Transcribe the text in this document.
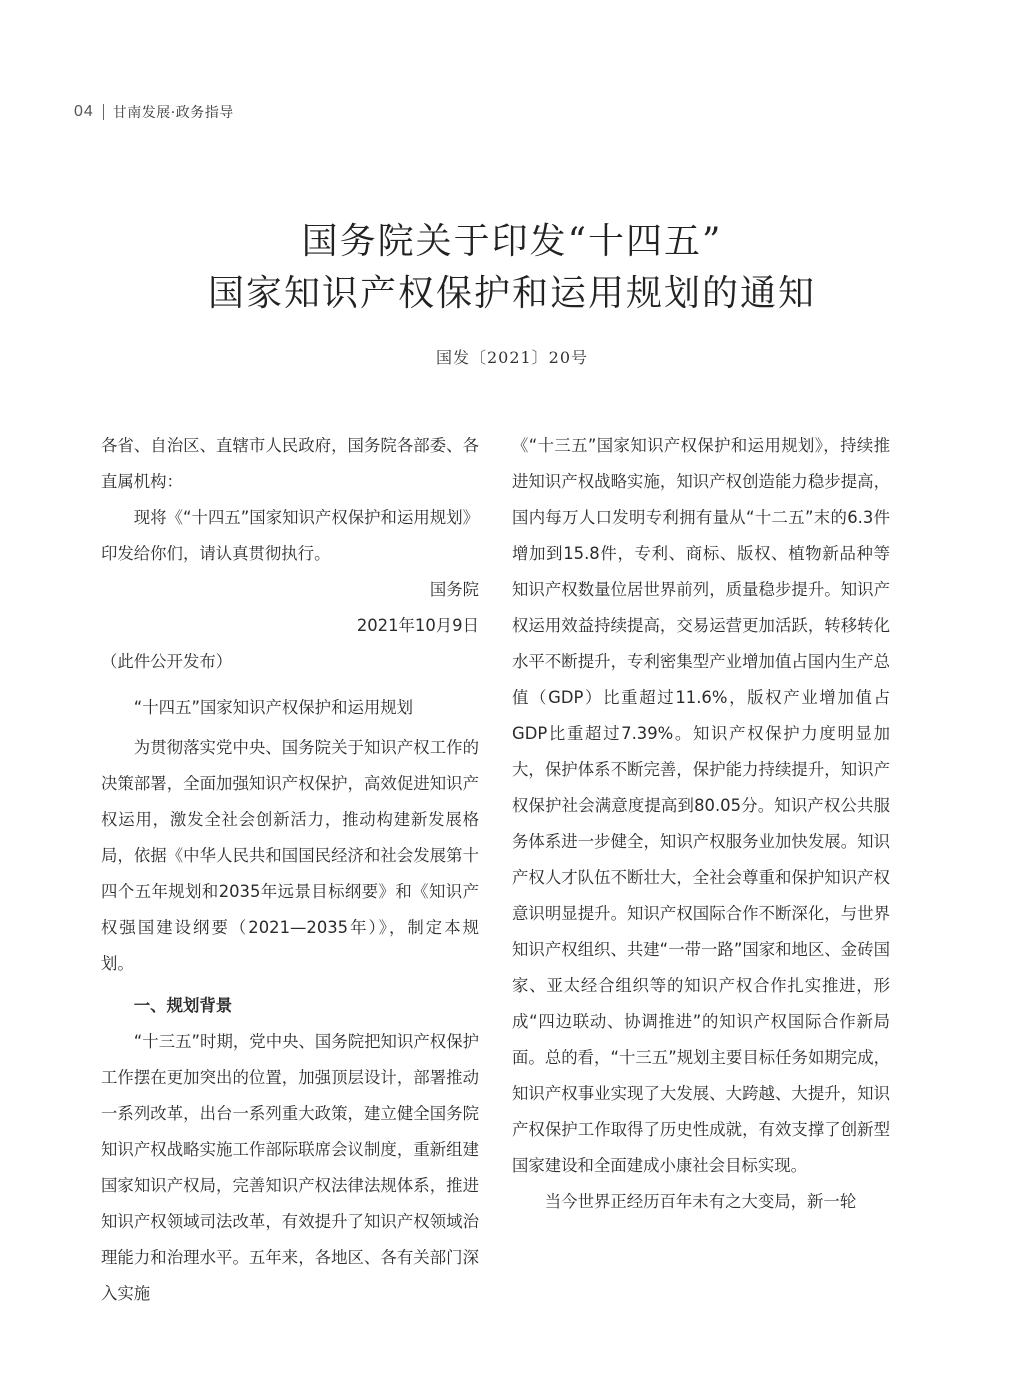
04 甘南发展·政务指导
国务院关于印发“十四五”
国家知识产权保护和运用规划的通知
国发〔2021〕20号

各省、自治区、直辖市人民政府，国务院各部委、各直属机构：

现将《“十四五”国家知识产权保护和运用规划》印发给你们，请认真贯彻执行。

国务院

2021年10月9日

（此件公开发布）

“十四五”国家知识产权保护和运用规划

为贯彻落实党中央、国务院关于知识产权工作的决策部署，全面加强知识产权保护，高效促进知识产权运用，激发全社会创新活力，推动构建新发展格局，依据《中华人民共和国国民经济和社会发展第十四个五年规划和2035年远景目标纲要》和《知识产权强国建设纲要（2021—2035年）》，制定本规划。

一、规划背景

“十三五”时期，党中央、国务院把知识产权保护工作摆在更加突出的位置，加强顶层设计，部署推动一系列改革，出台一系列重大政策，建立健全国务院知识产权战略实施工作部际联席会议制度，重新组建国家知识产权局，完善知识产权法律法规体系，推进知识产权领域司法改革，有效提升了知识产权领域治理能力和治理水平。五年来，各地区、各有关部门深入实施

《“十三五”国家知识产权保护和运用规划》，持续推进知识产权战略实施，知识产权创造能力稳步提高，国内每万人口发明专利拥有量从“十二五”末的6.3件增加到15.8件，专利、商标、版权、植物新品种等知识产权数量位居世界前列，质量稳步提升。知识产权运用效益持续提高，交易运营更加活跃，转移转化水平不断提升，专利密集型产业增加值占国内生产总值（GDP）比重超过11.6%，版权产业增加值占GDP比重超过7.39%。知识产权保护力度明显加大，保护体系不断完善，保护能力持续提升，知识产权保护社会满意度提高到80.05分。知识产权公共服务体系进一步健全，知识产权服务业加快发展。知识产权人才队伍不断壮大，全社会尊重和保护知识产权意识明显提升。知识产权国际合作不断深化，与世界知识产权组织、共建“一带一路”国家和地区、金砖国家、亚太经合组织等的知识产权合作扎实推进，形成“四边联动、协调推进”的知识产权国际合作新局面。总的看，“十三五”规划主要目标任务如期完成，知识产权事业实现了大发展、大跨越、大提升，知识产权保护工作取得了历史性成就，有效支撑了创新型国家建设和全面建成小康社会目标实现。

当今世界正经历百年未有之大变局，新一轮
